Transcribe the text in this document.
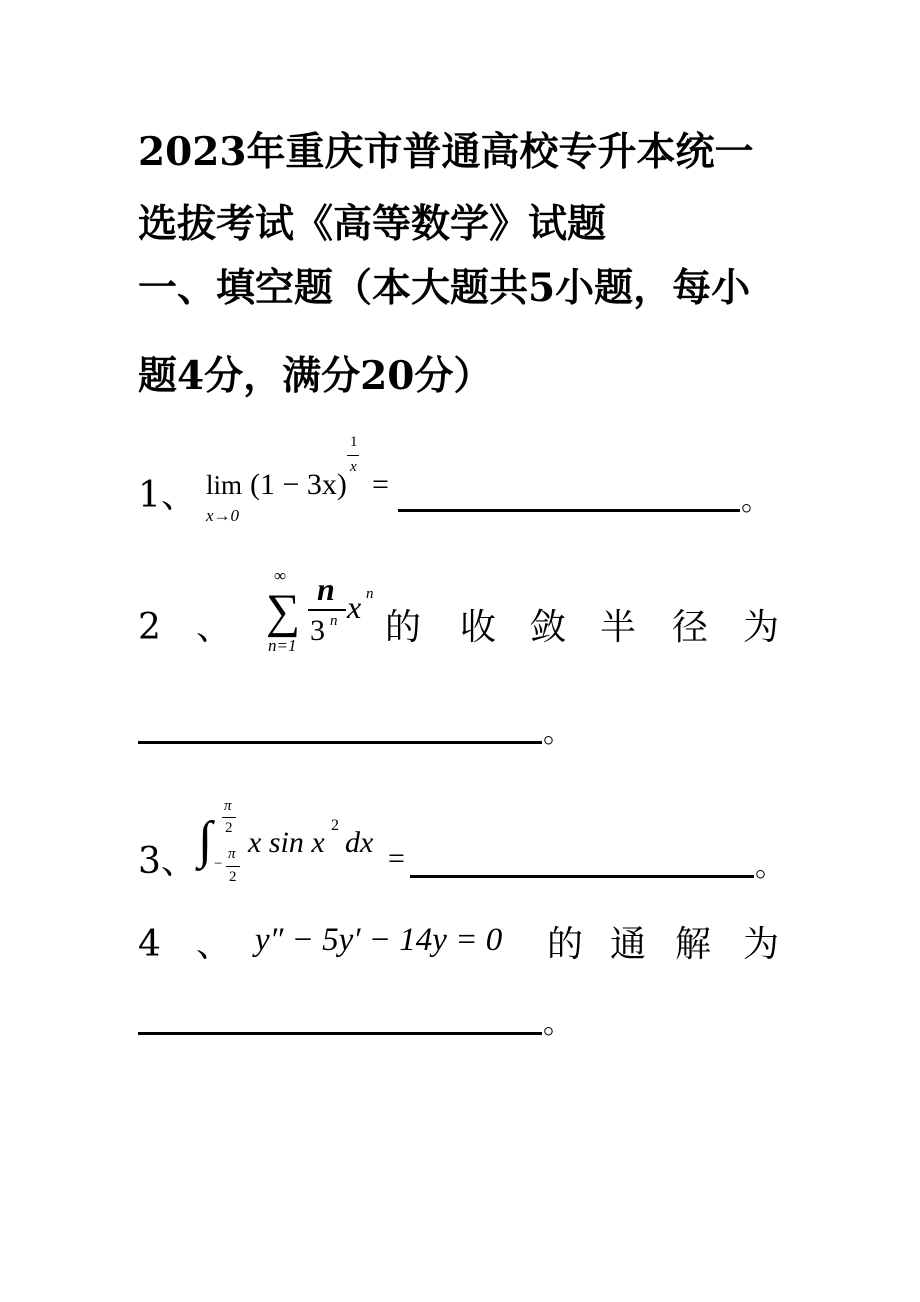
2023年重庆市普通高校专升本统一
选拔考试《高等数学》试题
一、填空题（本大题共5小题，每小
题4分，满分20分）
1、 lim
x→0
(1 − 3x)
1
x
=	。
2 、
∞
∑
n=1
n
3 n x n
的 收 敛 半 径 为
。
3、 ∫
π
2
−
π
2
x sin x
2
dx =	。
4 、 y″ − 5y′ − 14y = 0 的 通 解 为
。
